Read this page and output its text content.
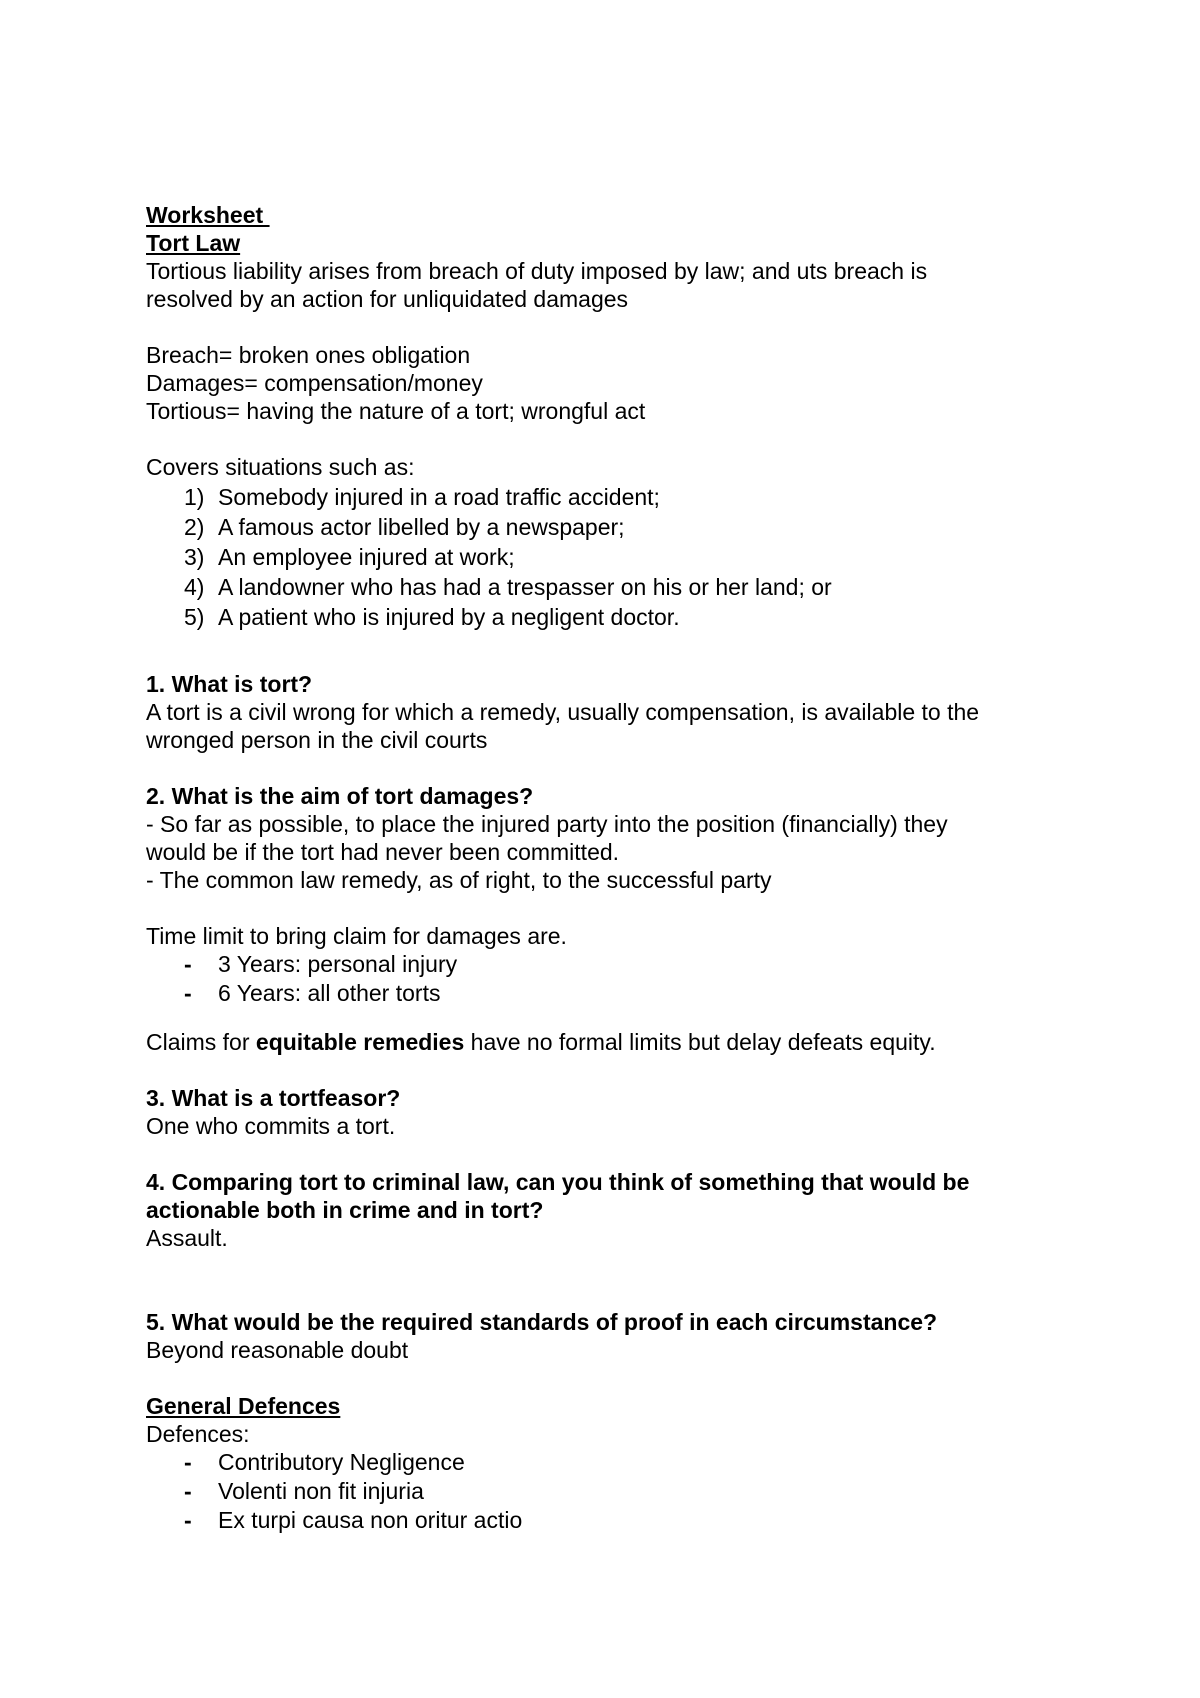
Worksheet

Tort Law

Tortious liability arises from breach of duty imposed by law; and uts breach is

resolved by an action for unliquidated damages

Breach= broken ones obligation

Damages= compensation/money

Tortious= having the nature of a tort; wrongful act

Covers situations such as:

1) Somebody injured in a road traffic accident;
2) A famous actor libelled by a newspaper;
3) An employee injured at work;
4) A landowner who has had a trespasser on his or her land; or
5) A patient who is injured by a negligent doctor.

1. What is tort?

A tort is a civil wrong for which a remedy, usually compensation, is available to the

wronged person in the civil courts

2. What is the aim of tort damages?

- So far as possible, to place the injured party into the position (financially) they

would be if the tort had never been committed.

- The common law remedy, as of right, to the successful party

Time limit to bring claim for damages are.

- 3 Years: personal injury
- 6 Years: all other torts

Claims for equitable remedies have no formal limits but delay defeats equity.

3. What is a tortfeasor?

One who commits a tort.

4. Comparing tort to criminal law, can you think of something that would be

actionable both in crime and in tort?

Assault.

5. What would be the required standards of proof in each circumstance?

Beyond reasonable doubt

General Defences

Defences:

- Contributory Negligence
- Volenti non fit injuria
- Ex turpi causa non oritur actio
